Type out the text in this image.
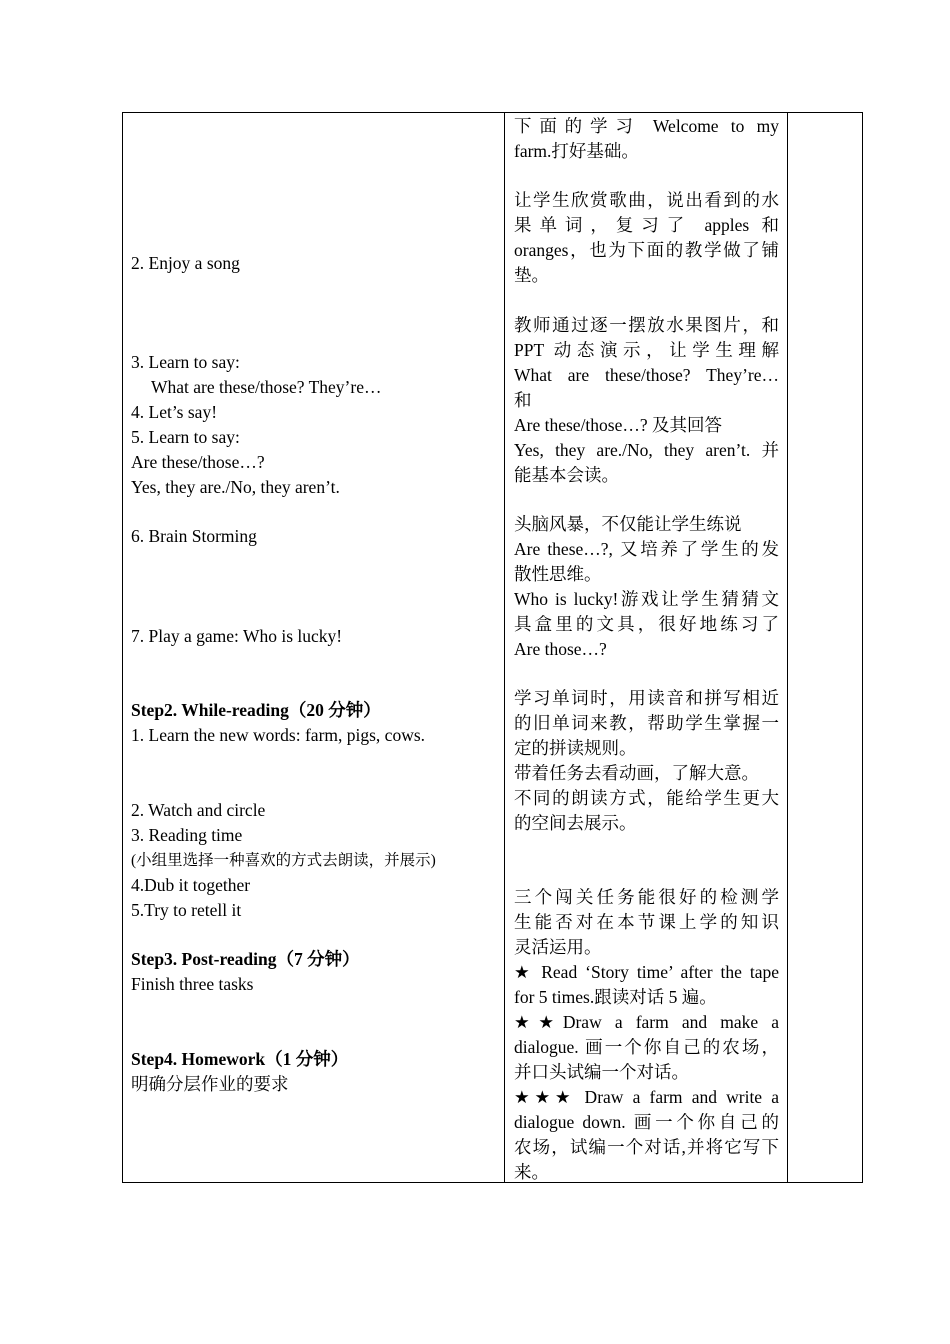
2. Enjoy a song
3. Learn to say:
What are these/those? They’re…
4. Let’s say!
5. Learn to say:
Are these/those…?
Yes, they are./No, they aren’t.
6. Brain Storming
7. Play a game: Who is lucky!
Step2. While-reading（20 分钟）
1. Learn the new words: farm, pigs, cows.
2. Watch and circle
3. Reading time
(小组里选择一种喜欢的方式去朗读，并展示)
4.Dub it together
5.Try to retell it
Step3. Post-reading（7 分钟）
Finish three tasks
Step4. Homework（1 分钟）
明确分层作业的要求
下面的学习 Welcome to my
farm.打好基础。
让学生欣赏歌曲，说出看到的水
果单词，复习了 apples 和
oranges，也为下面的教学做了铺
垫。
教师通过逐一摆放水果图片，和
PPT 动态演示，让学生理解
What are these/those? They’re…
和
Are these/those…? 及其回答
Yes, they are./No, they aren’t. 并
能基本会读。
头脑风暴，不仅能让学生练说
Are these…?, 又培养了学生的发
散性思维。
Who is lucky!游戏让学生猜猜文
具盒里的文具，很好地练习了
Are those…?
学习单词时，用读音和拼写相近
的旧单词来教，帮助学生掌握一
定的拼读规则。
带着任务去看动画，了解大意。
不同的朗读方式，能给学生更大
的空间去展示。
三个闯关任务能很好的检测学
生能否对在本节课上学的知识
灵活运用。
★ Read ‘Story time’ after the tape
for 5 times.跟读对话 5 遍。
★★Draw a farm and make a
dialogue. 画一个你自己的农场，
并口头试编一个对话。
★★★ Draw a farm and write a
dialogue down. 画一个你自己的
农场，试编一个对话,并将它写下
来。
